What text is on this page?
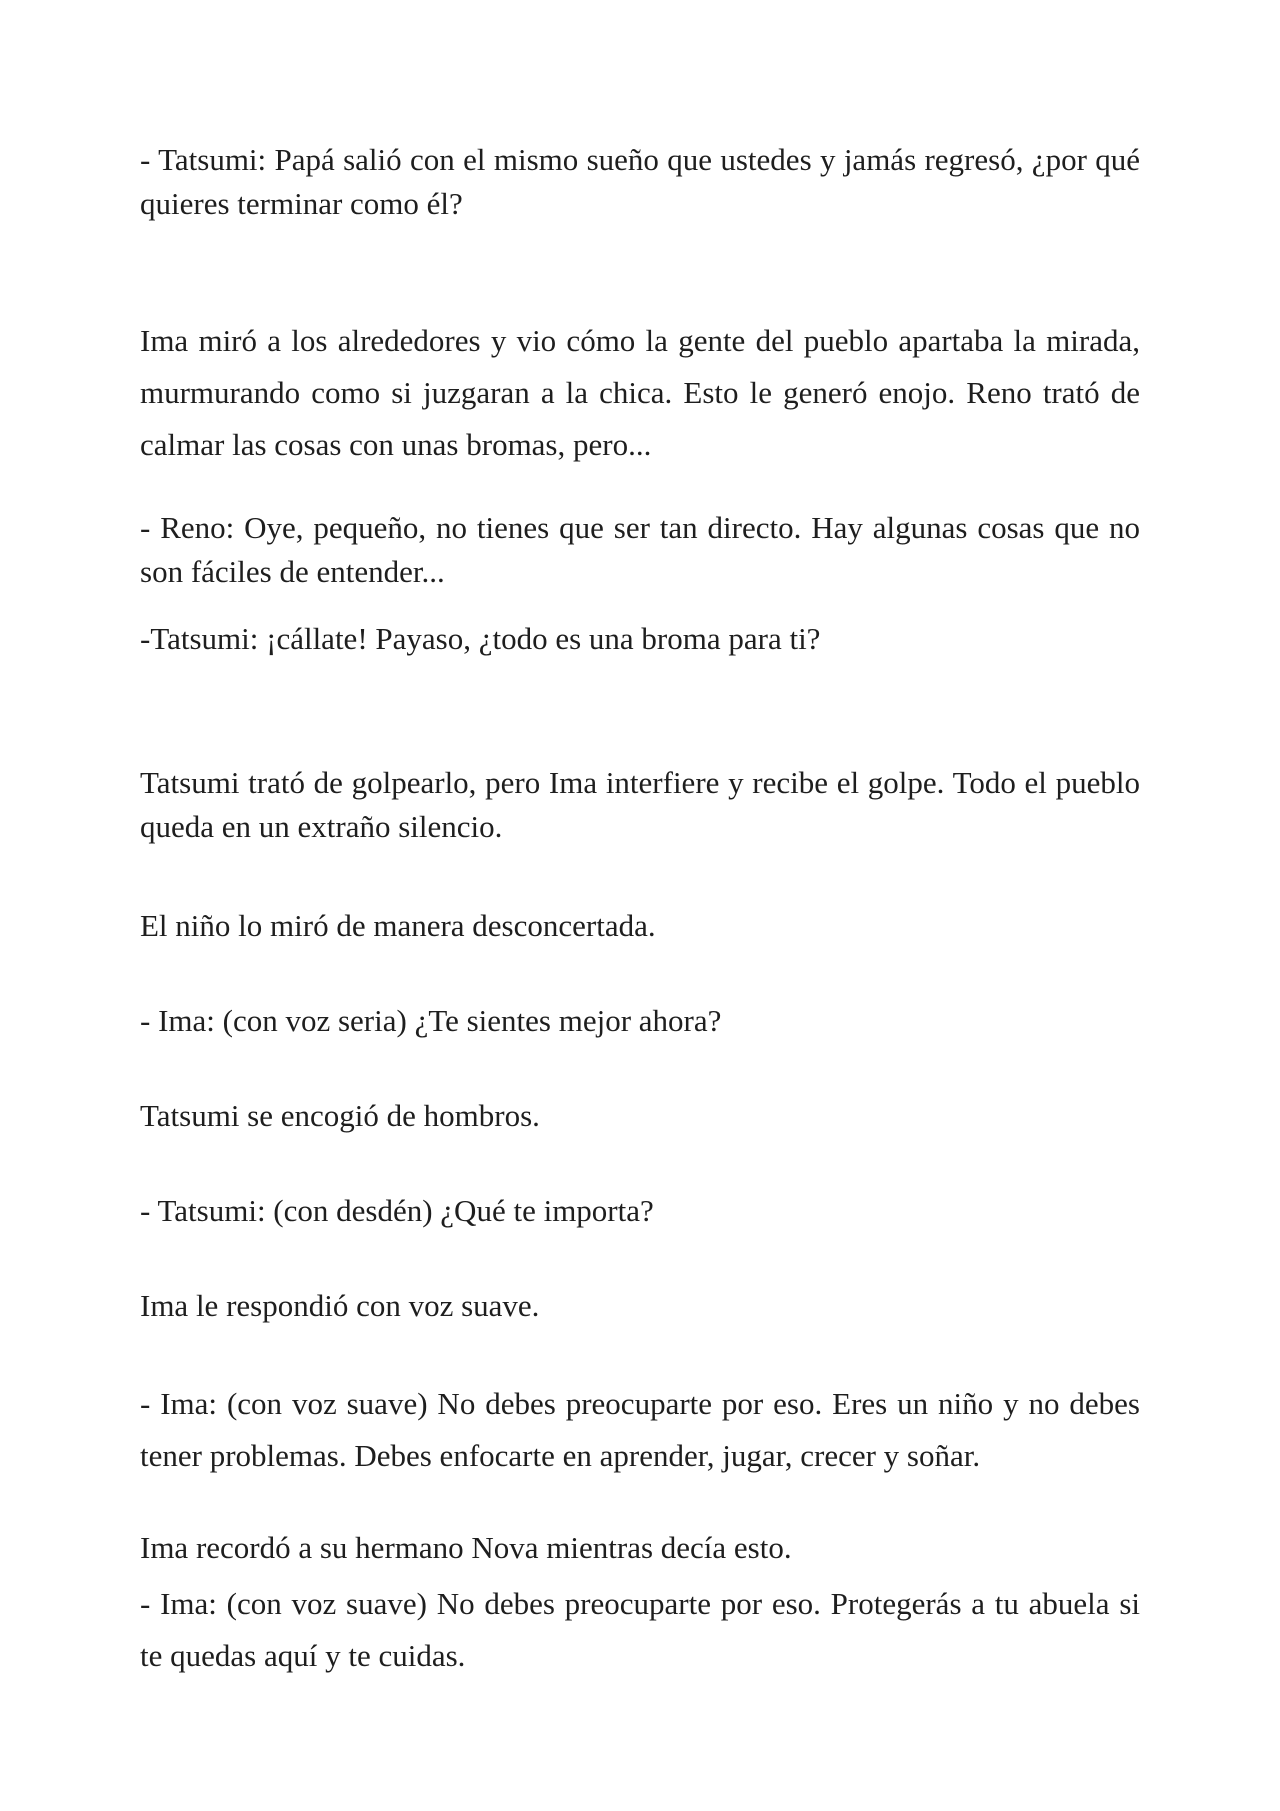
- Tatsumi: Papá salió con el mismo sueño que ustedes y jamás regresó, ¿por qué quieres terminar como él?

Ima miró a los alrededores y vio cómo la gente del pueblo apartaba la mirada, murmurando como si juzgaran a la chica. Esto le generó enojo. Reno trató de calmar las cosas con unas bromas, pero...

- Reno: Oye, pequeño, no tienes que ser tan directo. Hay algunas cosas que no son fáciles de entender...

-Tatsumi: ¡cállate! Payaso, ¿todo es una broma para ti?

Tatsumi trató de golpearlo, pero Ima interfiere y recibe el golpe. Todo el pueblo queda en un extraño silencio.

El niño lo miró de manera desconcertada.

- Ima: (con voz seria) ¿Te sientes mejor ahora?

Tatsumi se encogió de hombros.

- Tatsumi: (con desdén) ¿Qué te importa?

Ima le respondió con voz suave.

- Ima: (con voz suave) No debes preocuparte por eso. Eres un niño y no debes tener problemas. Debes enfocarte en aprender, jugar, crecer y soñar.

Ima recordó a su hermano Nova mientras decía esto.

- Ima: (con voz suave) No debes preocuparte por eso. Protegerás a tu abuela si te quedas aquí y te cuidas.
